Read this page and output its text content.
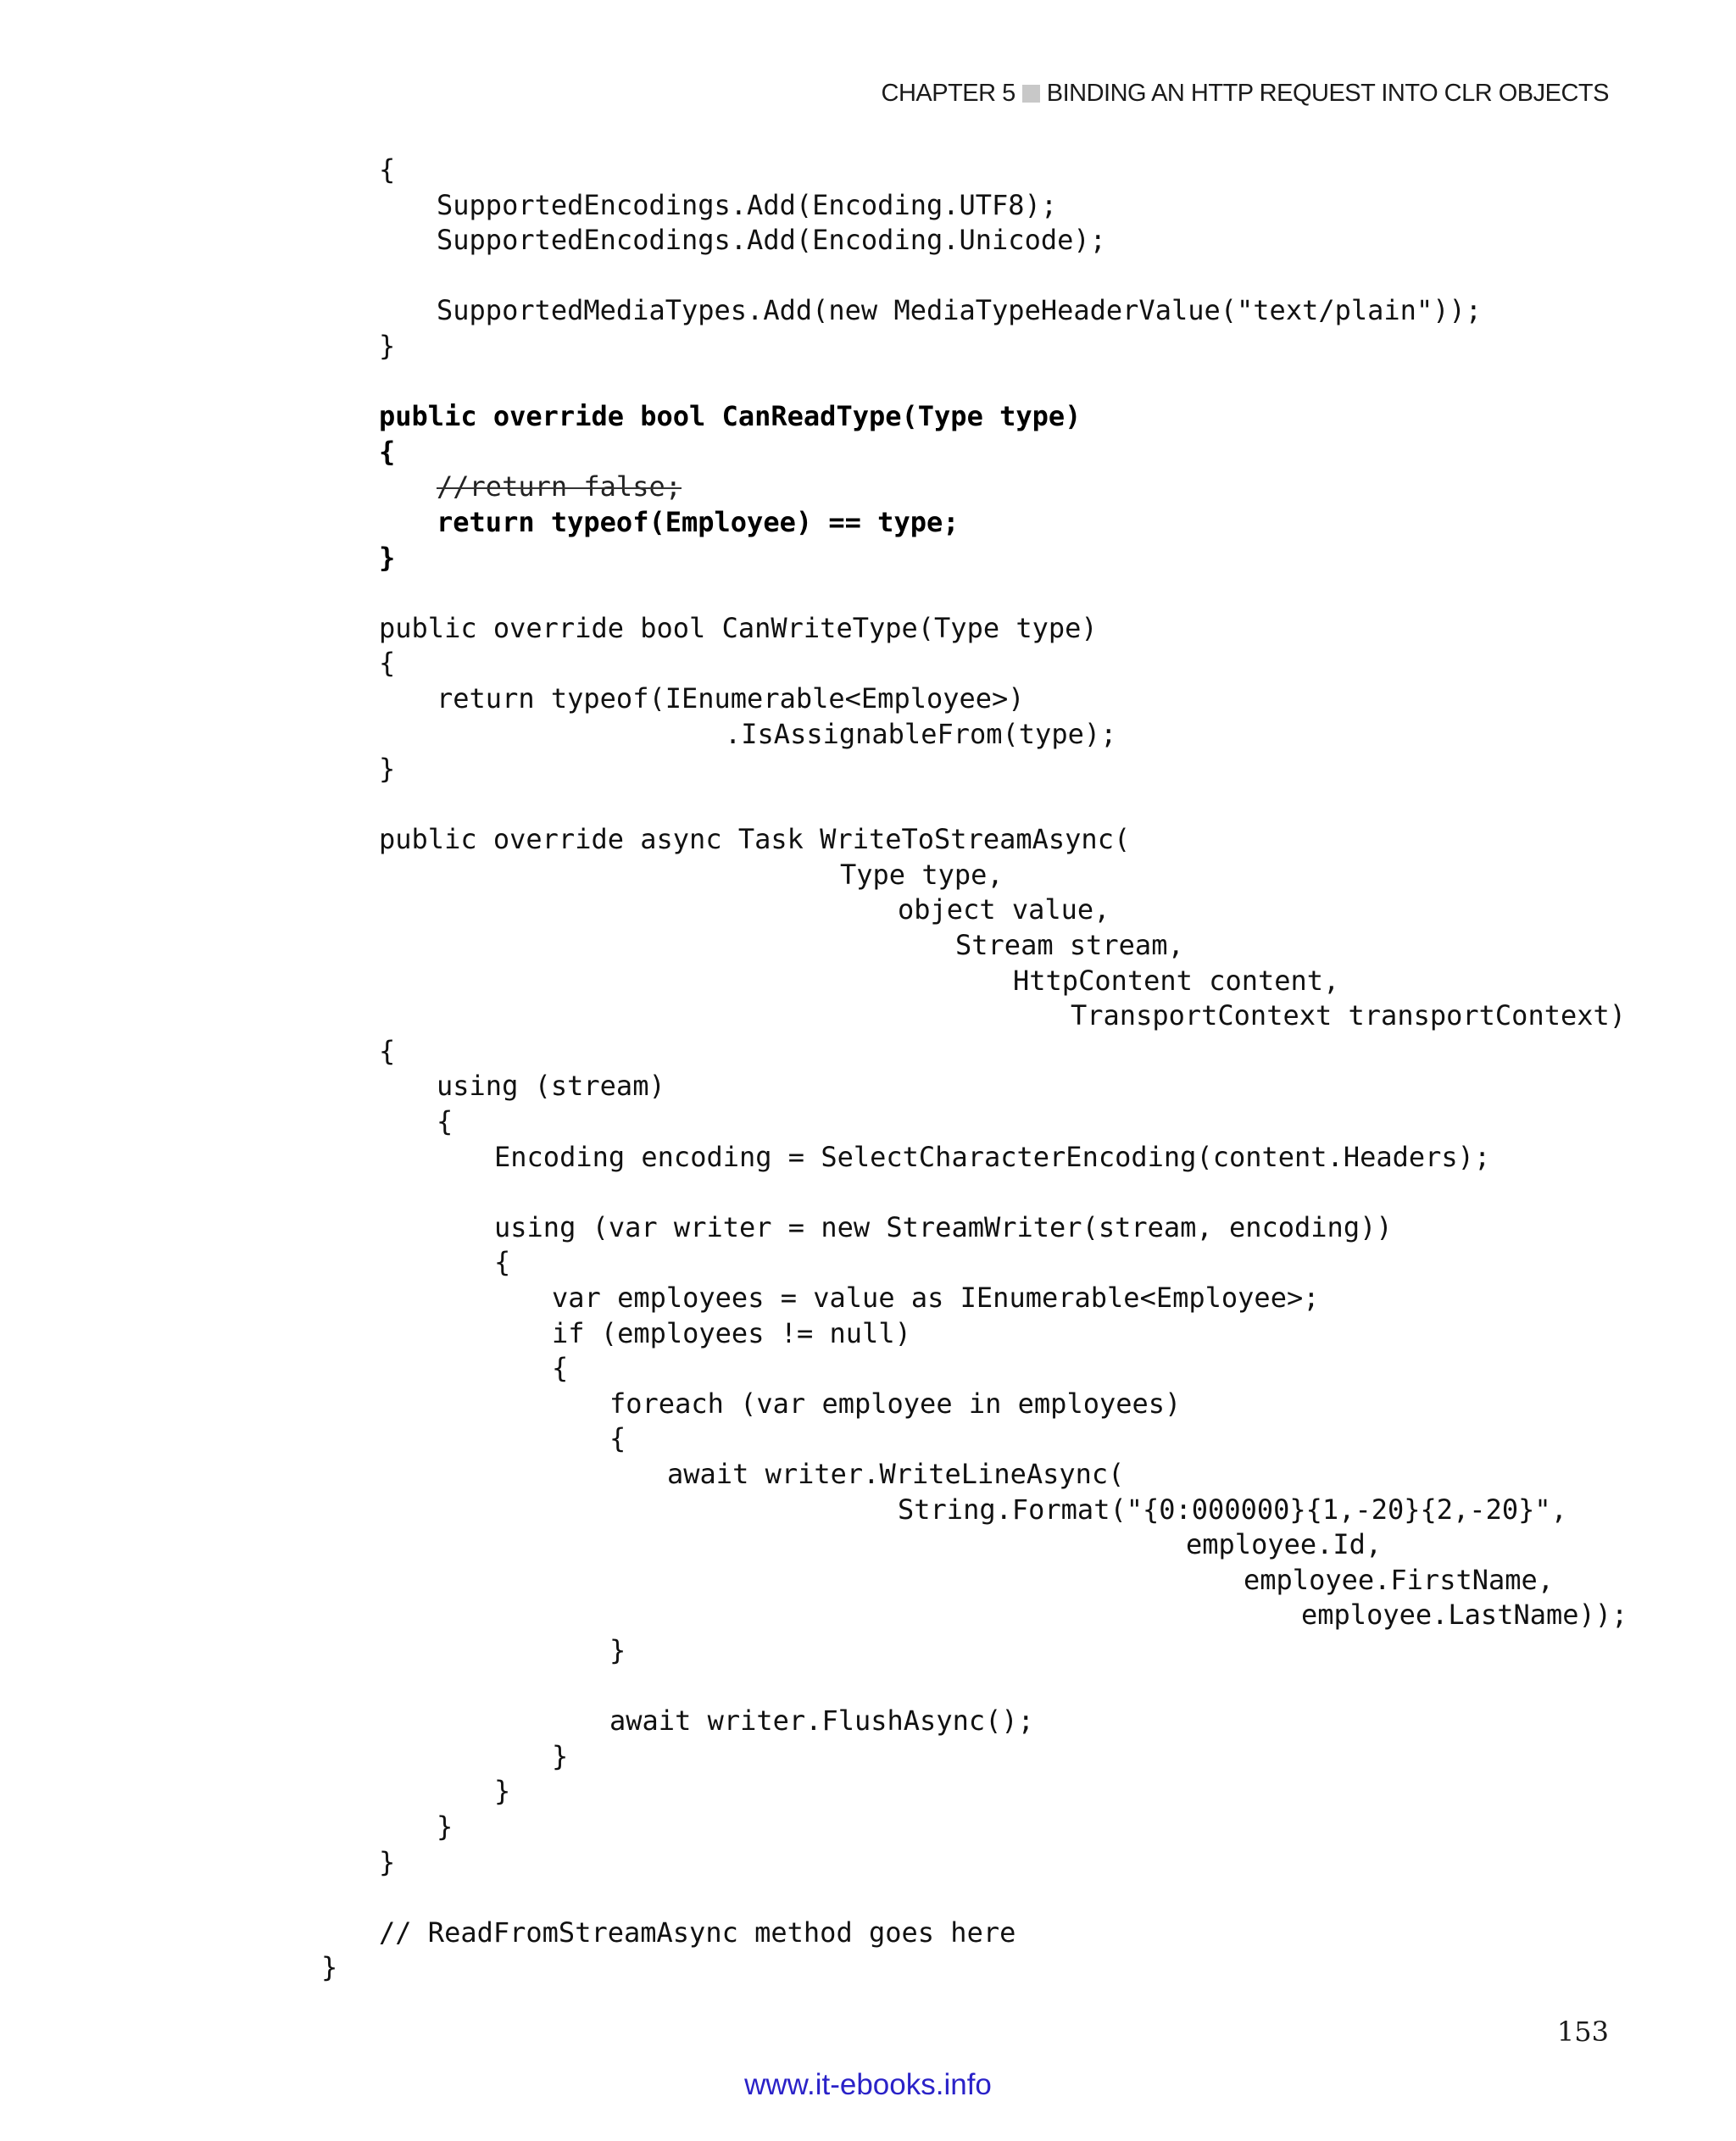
CHAPTER 5 BINDING AN HTTP REQUEST INTO CLR OBJECTS
{
SupportedEncodings.Add(Encoding.UTF8);
SupportedEncodings.Add(Encoding.Unicode);
SupportedMediaTypes.Add(new MediaTypeHeaderValue("text/plain"));
}
public override bool CanReadType(Type type)
{
//return false;
return typeof(Employee) == type;
}
public override bool CanWriteType(Type type)
{
return typeof(IEnumerable<Employee>)
.IsAssignableFrom(type);
}
public override async Task WriteToStreamAsync(
Type type,
object value,
Stream stream,
HttpContent content,
TransportContext transportContext)
{
using (stream)
{
Encoding encoding = SelectCharacterEncoding(content.Headers);
using (var writer = new StreamWriter(stream, encoding))
{
var employees = value as IEnumerable<Employee>;
if (employees != null)
{
foreach (var employee in employees)
{
await writer.WriteLineAsync(
String.Format("{0:000000}{1,-20}{2,-20}",
employee.Id,
employee.FirstName,
employee.LastName));
}
await writer.FlushAsync();
}
}
}
}
// ReadFromStreamAsync method goes here
}
153
www.it-ebooks.info
